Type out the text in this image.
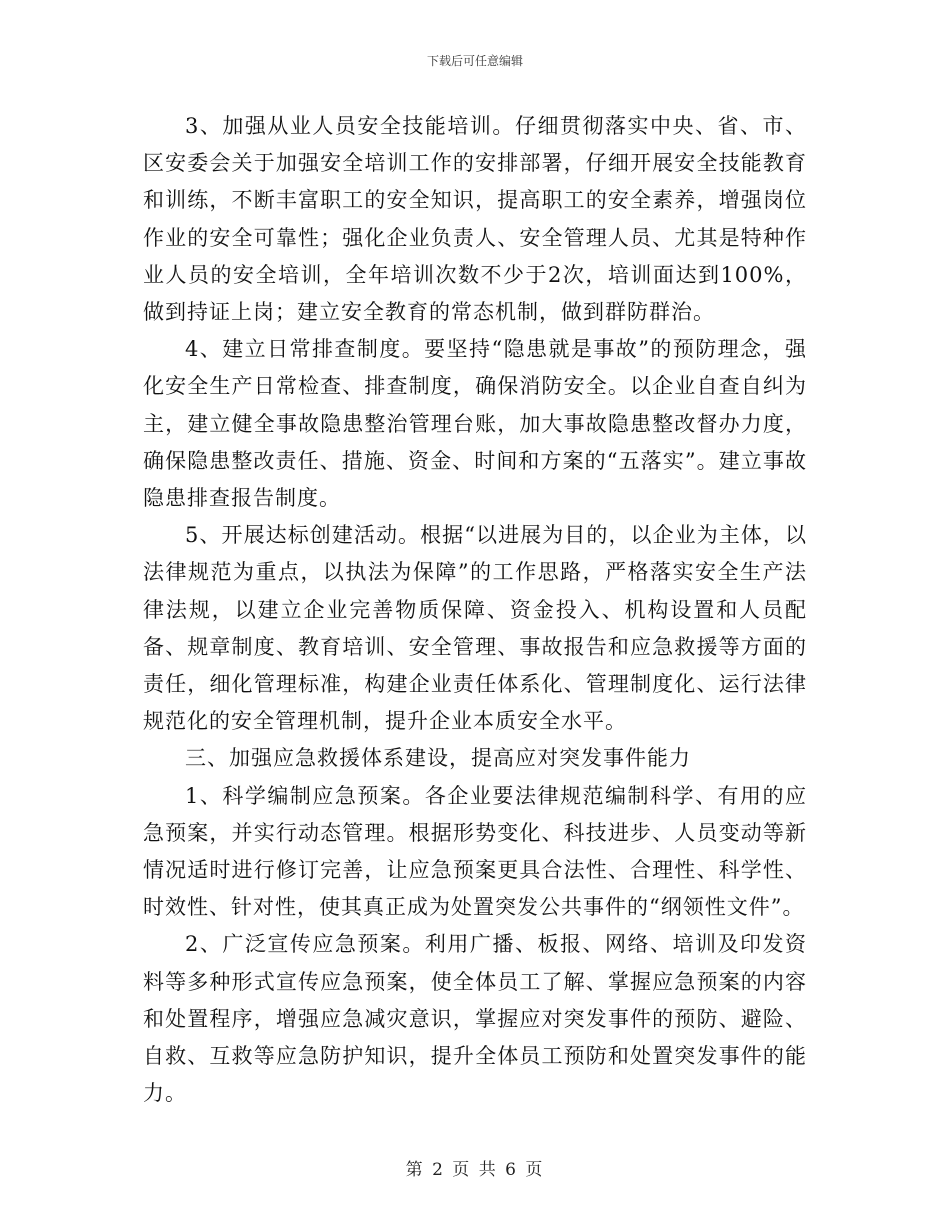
下载后可任意编辑

3、加强从业人员安全技能培训。仔细贯彻落实中央、省、市、区安委会关于加强安全培训工作的安排部署，仔细开展安全技能教育和训练，不断丰富职工的安全知识，提高职工的安全素养，增强岗位作业的安全可靠性；强化企业负责人、安全管理人员、尤其是特种作业人员的安全培训，全年培训次数不少于2次，培训面达到100%，做到持证上岗；建立安全教育的常态机制，做到群防群治。

4、建立日常排查制度。要坚持“隐患就是事故”的预防理念，强化安全生产日常检查、排查制度，确保消防安全。以企业自查自纠为主，建立健全事故隐患整治管理台账，加大事故隐患整改督办力度，确保隐患整改责任、措施、资金、时间和方案的“五落实”。建立事故隐患排查报告制度。

5、开展达标创建活动。根据“以进展为目的，以企业为主体，以法律规范为重点，以执法为保障”的工作思路，严格落实安全生产法律法规，以建立企业完善物质保障、资金投入、机构设置和人员配备、规章制度、教育培训、安全管理、事故报告和应急救援等方面的责任，细化管理标准，构建企业责任体系化、管理制度化、运行法律规范化的安全管理机制，提升企业本质安全水平。

三、加强应急救援体系建设，提高应对突发事件能力

1、科学编制应急预案。各企业要法律规范编制科学、有用的应急预案，并实行动态管理。根据形势变化、科技进步、人员变动等新情况适时进行修订完善，让应急预案更具合法性、合理性、科学性、时效性、针对性，使其真正成为处置突发公共事件的“纲领性文件”。

2、广泛宣传应急预案。利用广播、板报、网络、培训及印发资料等多种形式宣传应急预案，使全体员工了解、掌握应急预案的内容和处置程序，增强应急减灾意识，掌握应对突发事件的预防、避险、自救、互救等应急防护知识，提升全体员工预防和处置突发事件的能力。

第 2 页 共 6 页
